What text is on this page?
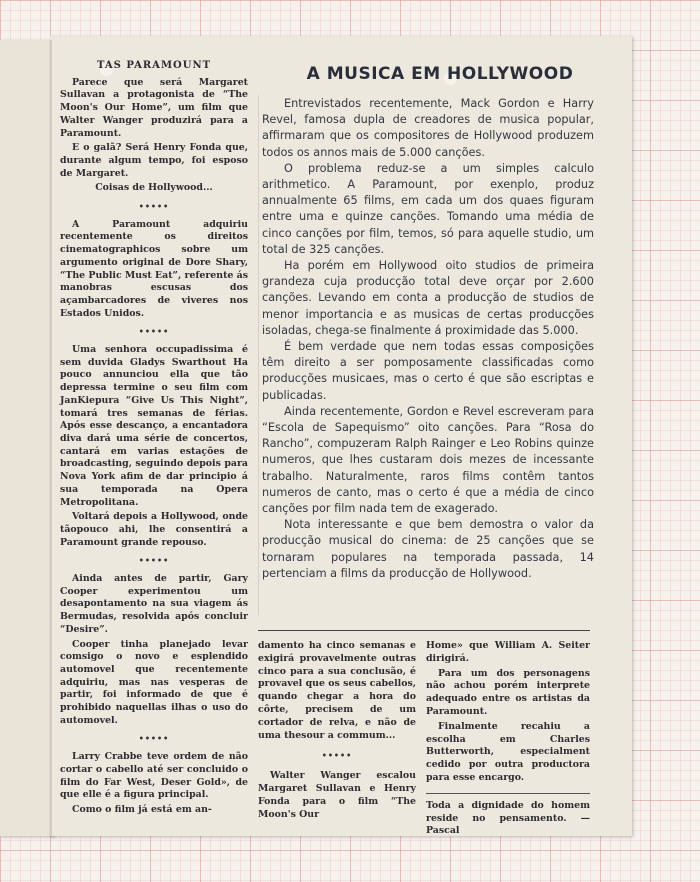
TAS PARAMOUNT

Parece que será Margaret Sullavan a protagonista de “The Moon's Our Home”, um film que Walter Wanger produzirá para a Paramount.

E o galã? Será Henry Fonda que, durante algum tempo, foi esposo de Margaret.

Coisas de Hollywood...

•••••

A Paramount adquiriu recentemente os direitos cinematographicos sobre um argumento original de Dore Shary, “The Public Must Eat”, referente ás manobras escusas dos açambarcadores de viveres nos Estados Unidos.

•••••

Uma senhora occupadissima é sem duvida Gladys Swarthout Ha pouco annunciou ella que tão depressa termine o seu film com JanKiepura “Give Us This Night”, tomará tres semanas de férias. Após esse descanço, a encantadora diva dará uma série de concertos, cantará em varias estações de broadcasting, seguindo depois para Nova York afim de dar principio á sua temporada na Opera Metropolitana.

Voltará depois a Hollywood, onde tãopouco ahi, lhe consentirá a Paramount grande repouso.

•••••

Ainda antes de partir, Gary Cooper experimentou um desapontamento na sua viagem ás Bermudas, resolvida após concluir “Desire”.

Cooper tinha planejado levar comsigo o novo e esplendido automovel que recentemente adquiriu, mas nas vesperas de partir, foi informado de que é prohibido naquellas ilhas o uso do automovel.

•••••

Larry Crabbe teve ordem de não cortar o cabello até ser concluido o film do Far West, Deser Gold», de que elle é a figura principal.

Como o film já está em an-

A MUSICA EM HOLLYWOOD

Entrevistados recentemente, Mack Gordon e Harry Revel, famosa dupla de creadores de musica popular, affirmaram que os compositores de Hollywood produzem todos os annos mais de 5.000 canções.

O problema reduz-se a um simples calculo arithmetico. A Paramount, por exenplo, produz annualmente 65 films, em cada um dos quaes figuram entre uma e quinze canções. Tomando uma média de cinco canções por film, temos, só para aquelle studio, um total de 325 canções.

Ha porém em Hollywood oito studios de primeira grandeza cuja producção total deve orçar por 2.600 canções. Levando em conta a producção de studios de menor importancia e as musicas de certas producções isoladas, chega-se finalmente á proximidade das 5.000.

É bem verdade que nem todas essas composições têm direito a ser pomposamente classificadas como producções musicaes, mas o certo é que são escriptas e publicadas.

Ainda recentemente, Gordon e Revel escreveram para “Escola de Sapequismo” oito canções. Para “Rosa do Rancho”, compuzeram Ralph Rainger e Leo Robins quinze numeros, que lhes custaram dois mezes de incessante trabalho. Naturalmente, raros films contêm tantos numeros de canto, mas o certo é que a média de cinco canções por film nada tem de exagerado.

Nota interessante e que bem demostra o valor da producção musical do cinema: de 25 canções que se tornaram populares na temporada passada, 14 pertenciam a films da producção de Hollywood.

damento ha cinco semanas e exigirá provavelmente outras cinco para a sua conclusão, é provavel que os seus cabellos, quando chegar a hora do côrte, precisem de um cortador de relva, e não de uma thesour a commum...

•••••

Walter Wanger escalou Margaret Sullavan e Henry Fonda para o film “The Moon's Our

Home» que William A. Seiter dirigirá.

Para um dos personagens não achou porém interprete adequado entre os artistas da Paramount.

Finalmente recahiu a escolha em Charles Butterworth, especialment cedido por outra productora para esse encargo.

Toda a dignidade do homem reside no pensamento. — Pascal
